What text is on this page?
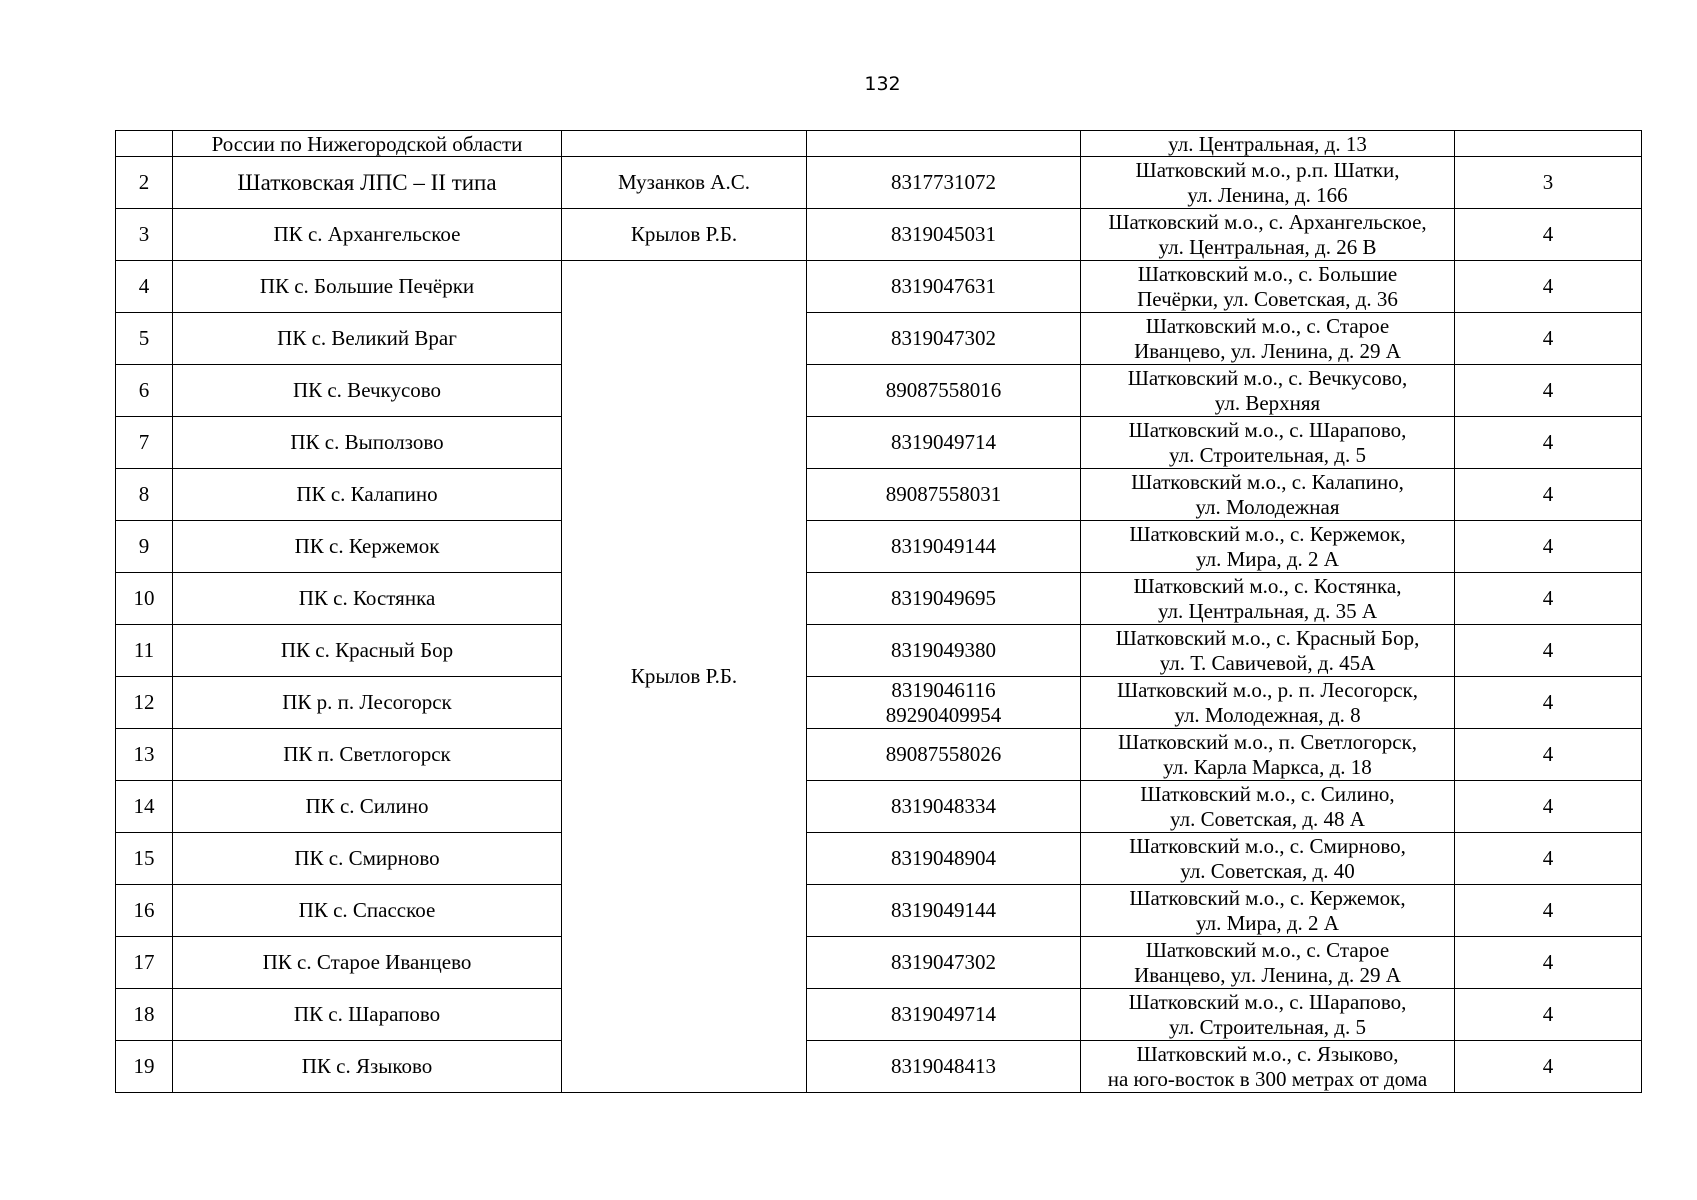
132
	России по Нижегородской области			ул. Центральная, д. 13	
2	Шатковская ЛПС – II типа	Музанков А.С.	8317731072	Шатковский м.о., р.п. Шатки,
ул. Ленина, д. 166	3
3	ПК с. Архангельское	Крылов Р.Б.	8319045031	Шатковский м.о., с. Архангельское,
ул. Центральная, д. 26 В	4
4	ПК с. Большие Печёрки	Крылов Р.Б.	8319047631	Шатковский м.о., с. Большие
Печёрки, ул. Советская, д. 36	4
5	ПК с. Великий Враг		8319047302	Шатковский м.о., с. Старое
Иванцево, ул. Ленина, д. 29 А	4
6	ПК с. Вечкусово		89087558016	Шатковский м.о., с. Вечкусово,
ул. Верхняя	4
7	ПК с. Выползово		8319049714	Шатковский м.о., с. Шарапово,
ул. Строительная, д. 5	4
8	ПК с. Калапино		89087558031	Шатковский м.о., с. Калапино,
ул. Молодежная	4
9	ПК с. Кержемок		8319049144	Шатковский м.о., с. Кержемок,
ул. Мира, д. 2 А	4
10	ПК с. Костянка		8319049695	Шатковский м.о., с. Костянка,
ул. Центральная, д. 35 А	4
11	ПК с. Красный Бор		8319049380	Шатковский м.о., с. Красный Бор,
ул. Т. Савичевой, д. 45А	4
12	ПК р. п. Лесогорск		8319046116
89290409954	Шатковский м.о., р. п. Лесогорск,
ул. Молодежная, д. 8	4
13	ПК п. Светлогорск		89087558026	Шатковский м.о., п. Светлогорск,
ул. Карла Маркса, д. 18	4
14	ПК с. Силино		8319048334	Шатковский м.о., с. Силино,
ул. Советская, д. 48 А	4
15	ПК с. Смирново		8319048904	Шатковский м.о., с. Смирново,
ул. Советская, д. 40	4
16	ПК с. Спасское		8319049144	Шатковский м.о., с. Кержемок,
ул. Мира, д. 2 А	4
17	ПК с. Старое Иванцево		8319047302	Шатковский м.о., с. Старое
Иванцево, ул. Ленина, д. 29 А	4
18	ПК с. Шарапово		8319049714	Шатковский м.о., с. Шарапово,
ул. Строительная, д. 5	4
19	ПК с. Языково		8319048413	Шатковский м.о., с. Языково,
на юго-восток в 300 метрах от дома	4
